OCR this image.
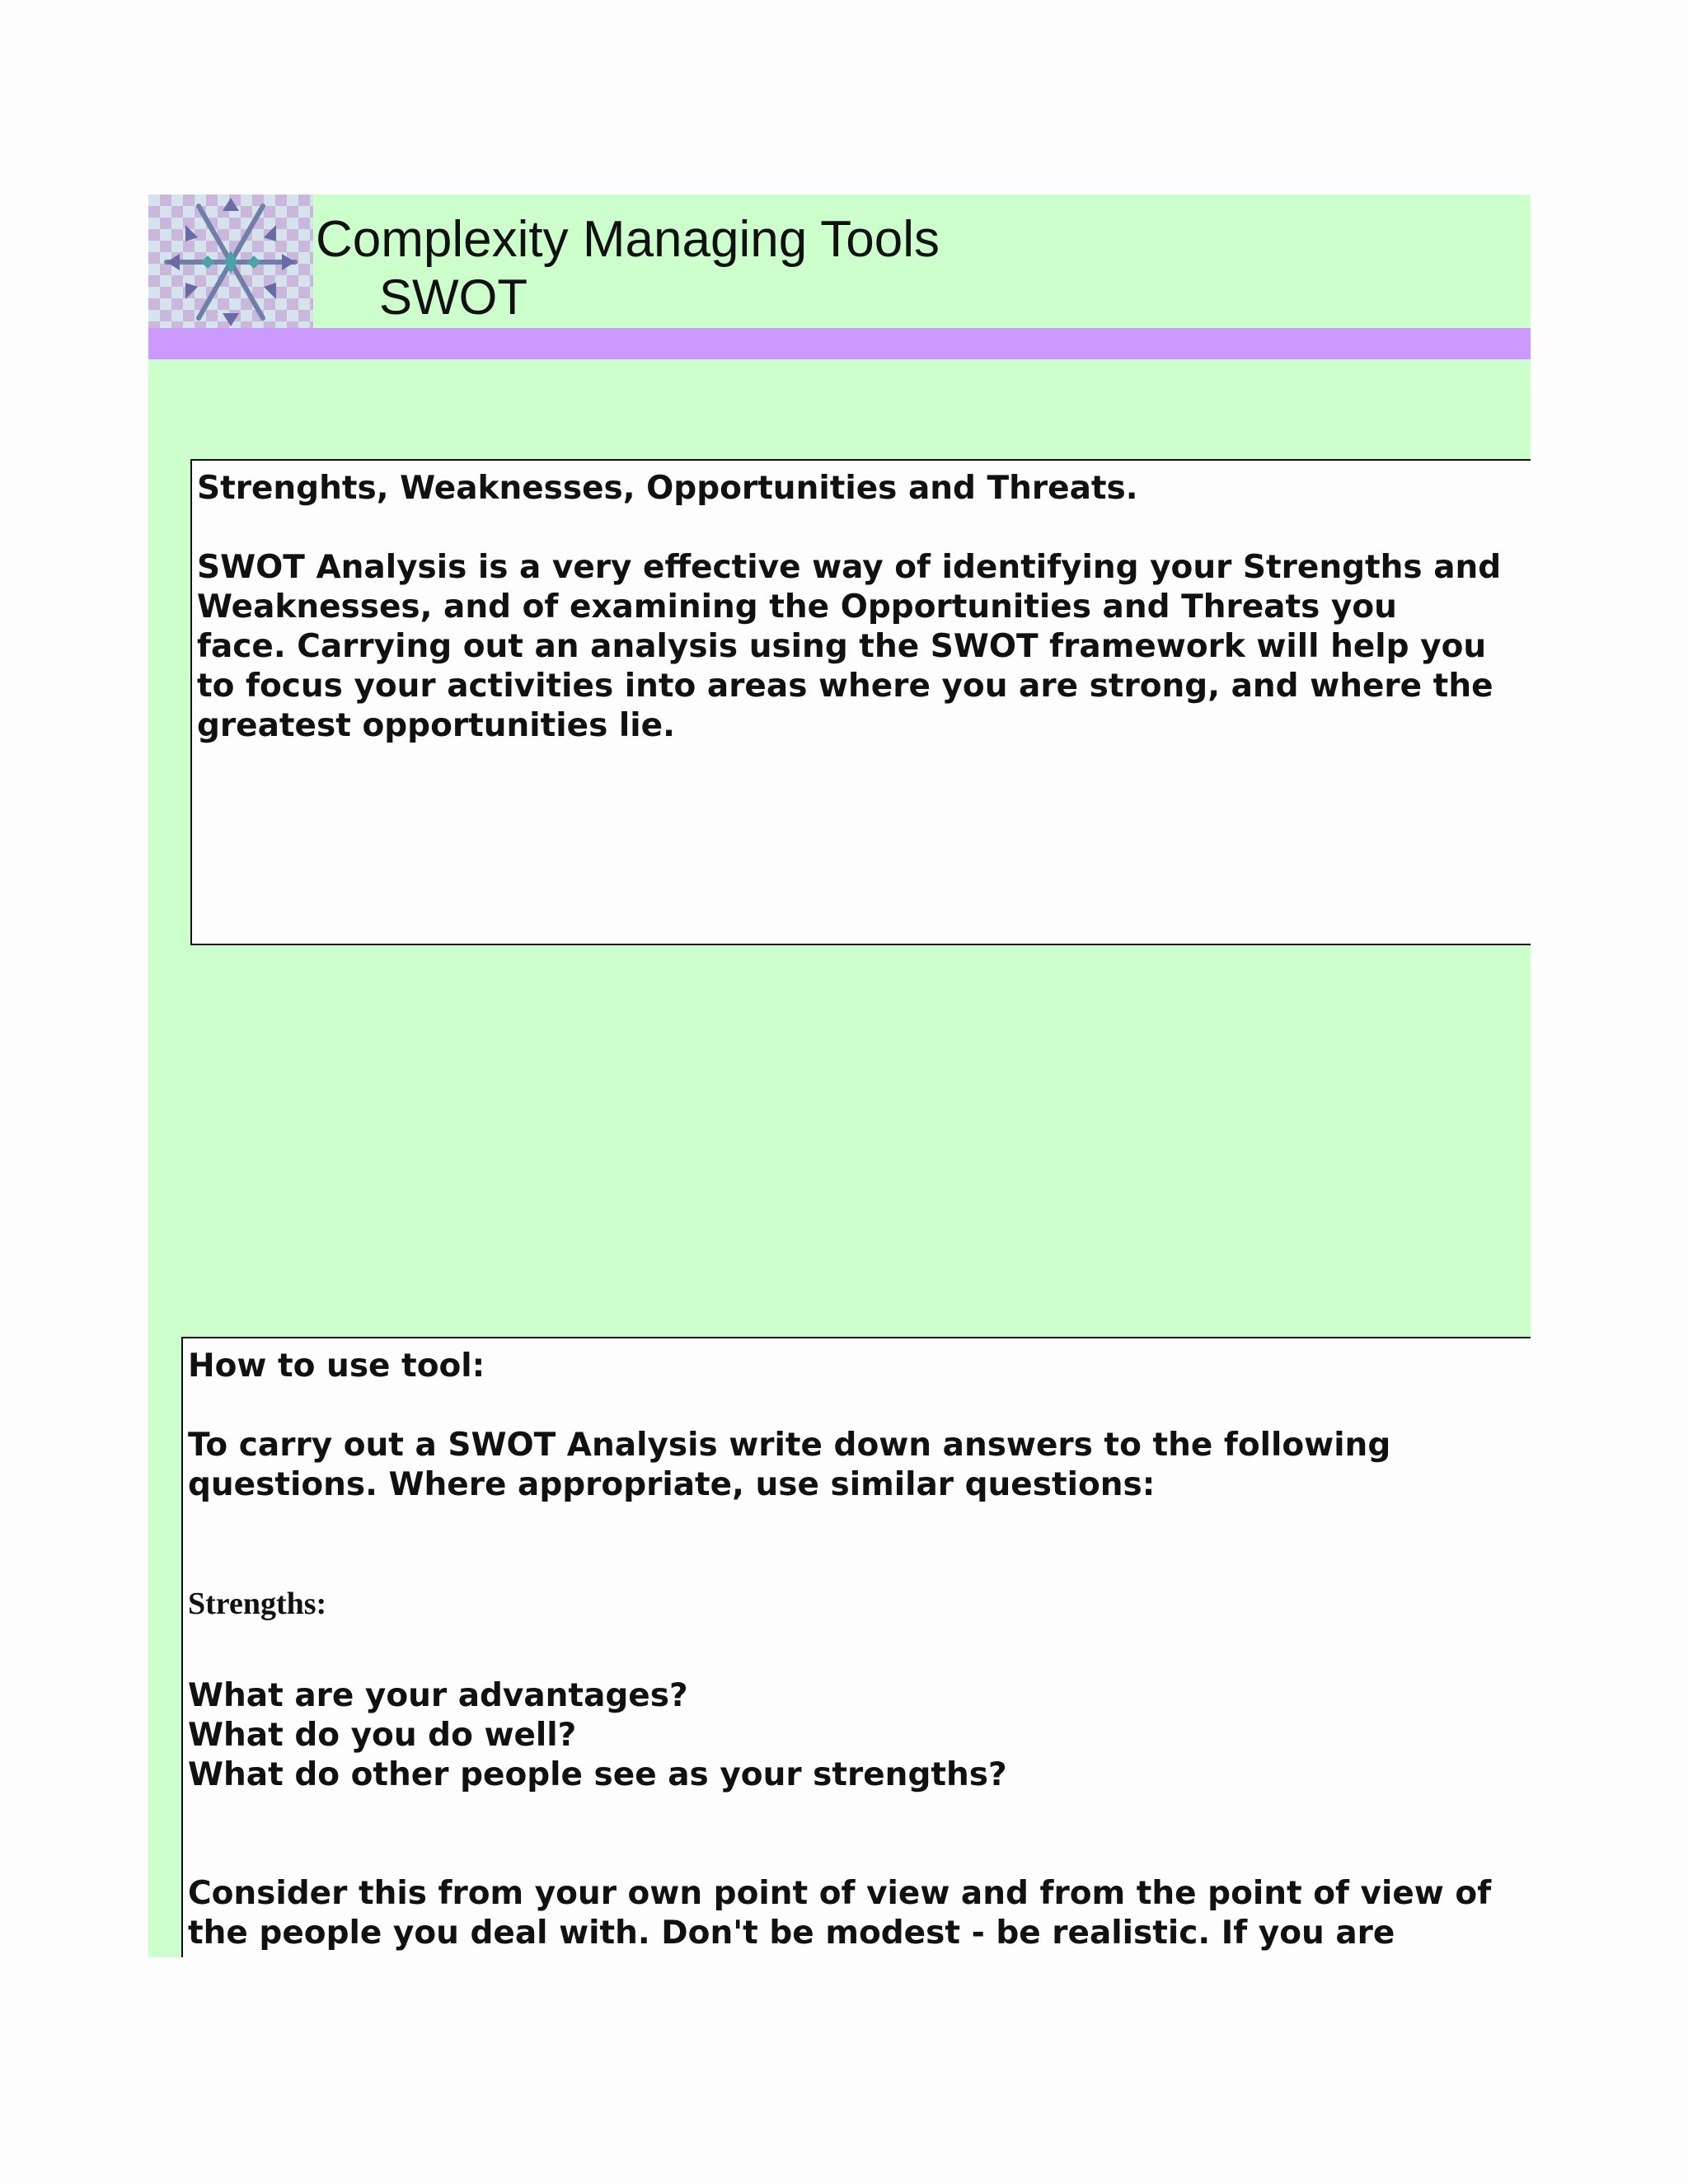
Complexity Managing Tools
SWOT

Strenghts, Weaknesses, Opportunities and Threats.

SWOT Analysis is a very effective way of identifying your Strengths and
Weaknesses, and of examining the Opportunities and Threats you
face. Carrying out an analysis using the SWOT framework will help you
to focus your activities into areas where you are strong, and where the
greatest opportunities lie.

How to use tool:

To carry out a SWOT Analysis write down answers to the following
questions. Where appropriate, use similar questions:

Strengths:

What are your advantages?
What do you do well?
What do other people see as your strengths?

Consider this from your own point of view and from the point of view of
the people you deal with. Don't be modest - be realistic. If you are
